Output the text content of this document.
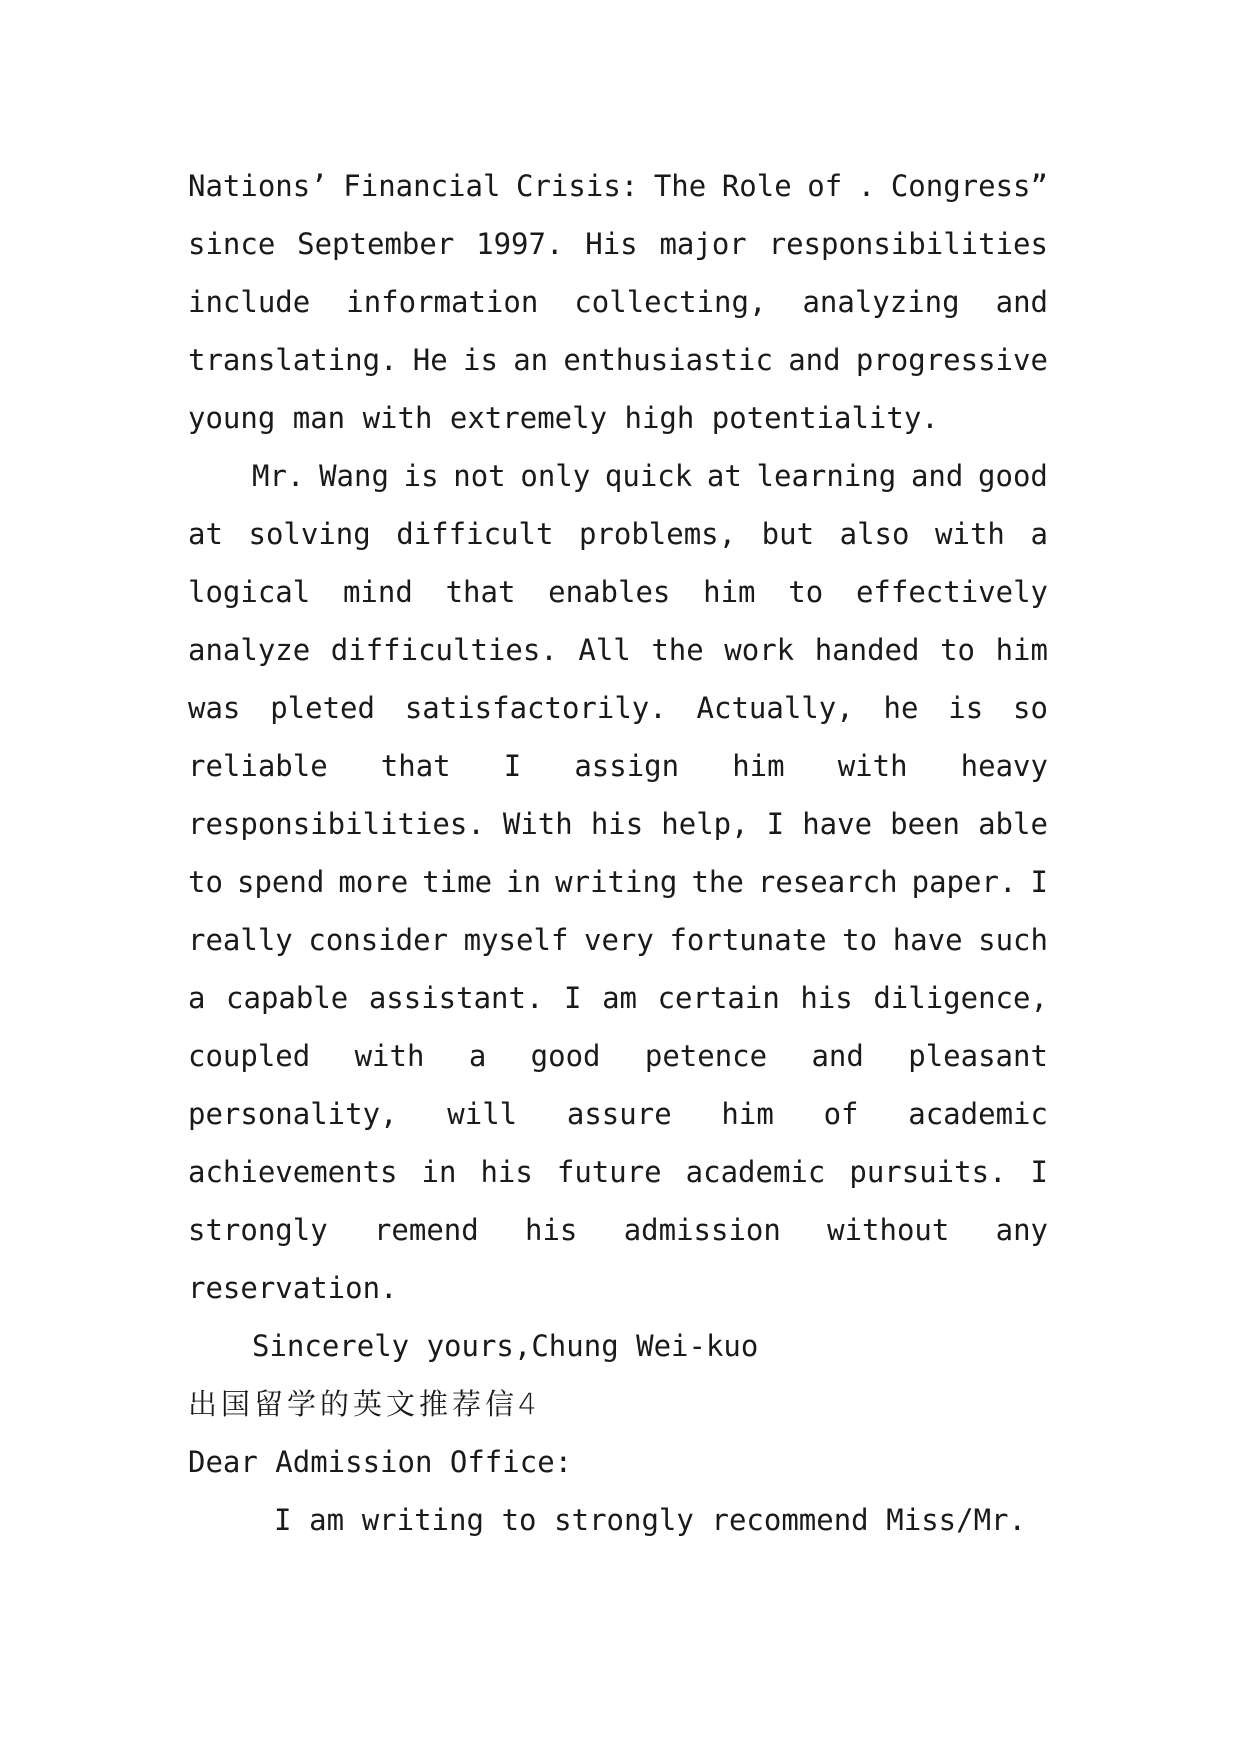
Nations’ Financial Crisis: The Role of . Congress”
since September 1997. His major responsibilities
include information collecting, analyzing and
translating. He is an enthusiastic and progressive
young man with extremely high potentiality.
Mr. Wang is not only quick at learning and good
at solving difficult problems, but also with a
logical mind that enables him to effectively
analyze difficulties. All the work handed to him
was pleted satisfactorily. Actually, he is so
reliable that I assign him with heavy
responsibilities. With his help, I have been able
to spend more time in writing the research paper. I
really consider myself very fortunate to have such
a capable assistant. I am certain his diligence,
coupled with a good petence and pleasant
personality, will assure him of academic
achievements in his future academic pursuits. I
strongly remend his admission without any
reservation.
Sincerely yours,Chung Wei-kuo
出国留学的英文推荐信4
Dear Admission Office:
I am writing to strongly recommend Miss/Mr.
